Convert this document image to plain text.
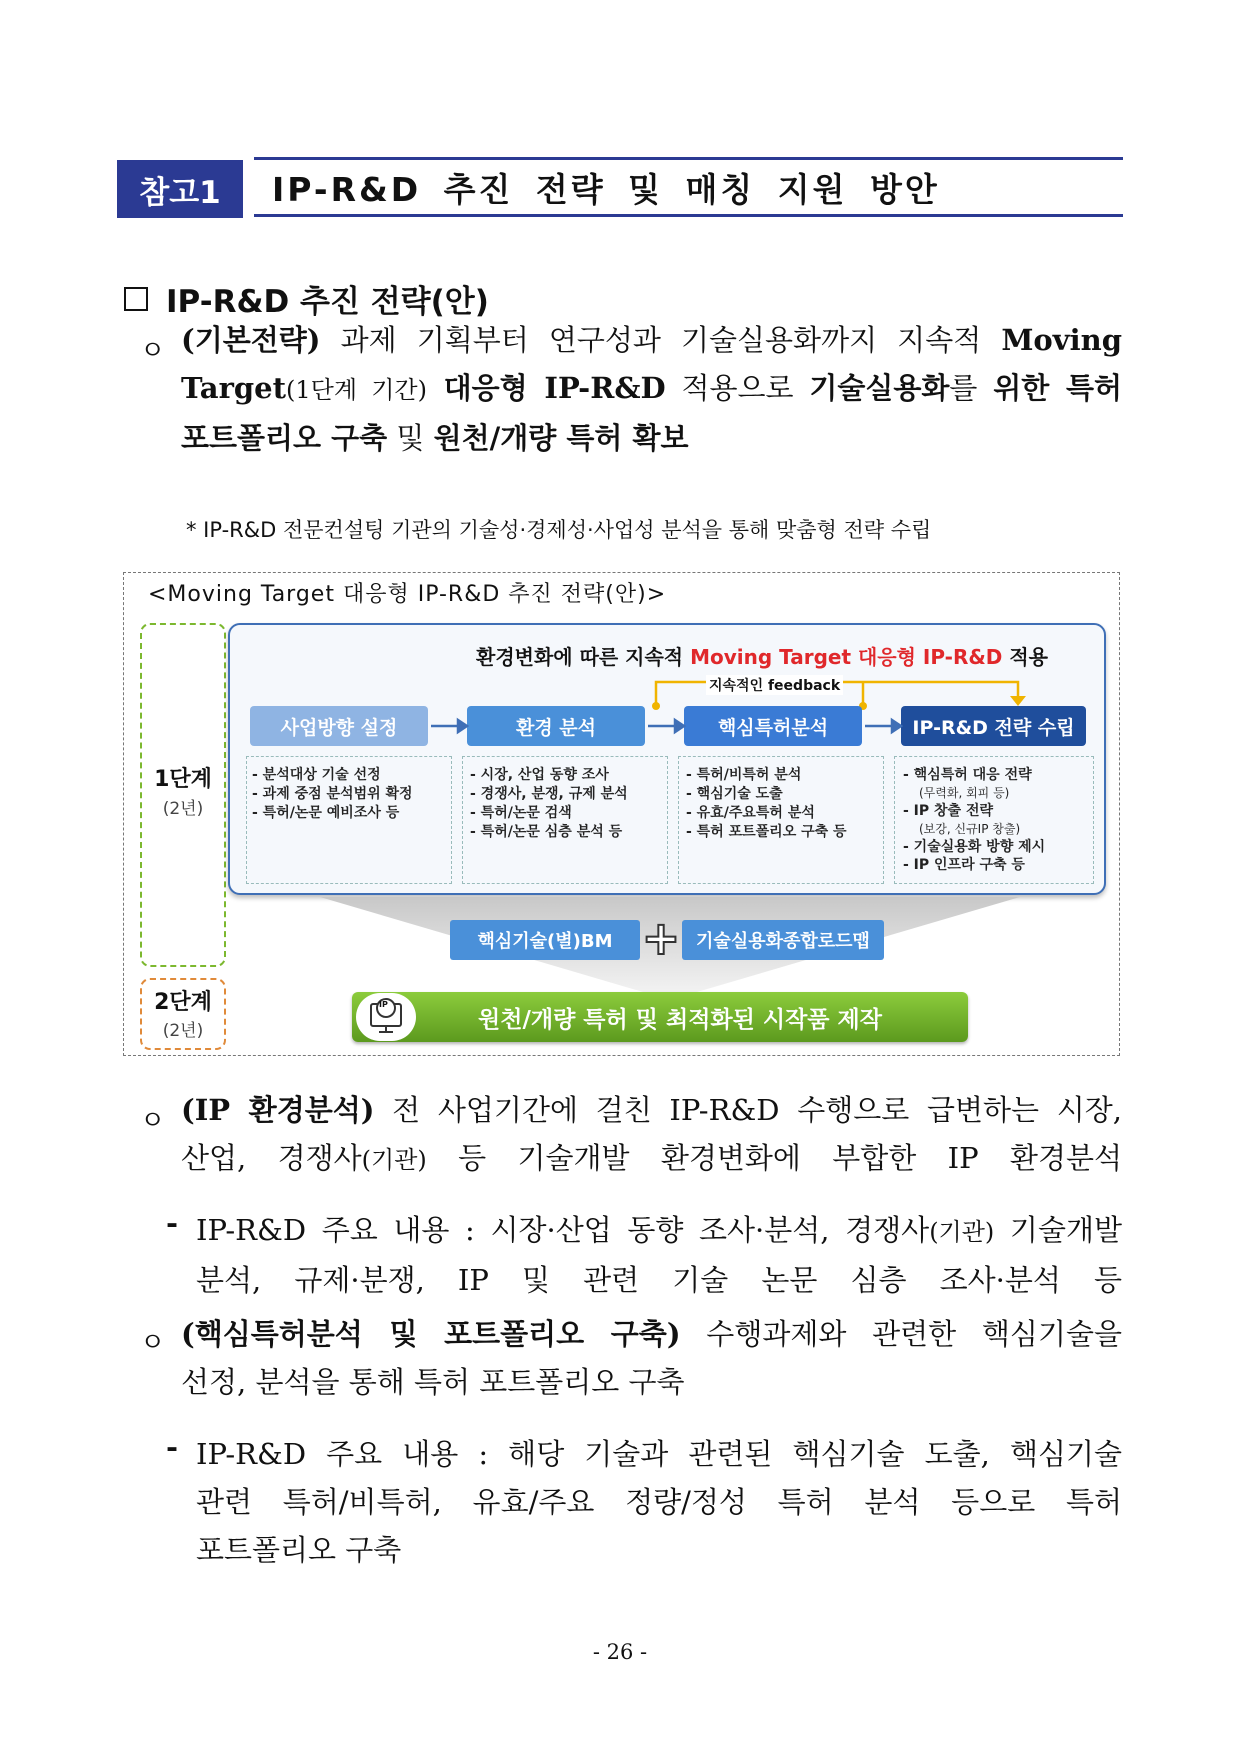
참고1	IP-R&D 추진 전략 및 매칭 지원 방안
IP-R&D 추진 전략(안)
ㅇ (기본전략) 과제 기획부터 연구성과 기술실용화까지 지속적 Moving
Target(1단계 기간) 대응형 IP-R&D 적용으로 기술실용화를 위한 특허
포트폴리오 구축 및 원천/개량 특허 확보
* IP-R&D 전문컨설팅 기관의 기술성·경제성·사업성 분석을 통해 맞춤형 전략 수립
<Moving Target 대응형 IP-R&D 추진 전략(안)>
1단계
(2년)
2단계
(2년)
환경변화에 따른 지속적 Moving Target 대응형 IP-R&D 적용
지속적인 feedback
사업방향 설정	환경 분석	핵심특허분석	IP-R&D 전략 수립
- 분석대상 기술 선정
- 과제 중점 분석범위 확정
- 특허/논문 예비조사 등
- 시장, 산업 동향 조사
- 경쟁사, 분쟁, 규제 분석
- 특허/논문 검색
- 특허/논문 심층 분석 등
- 특허/비특허 분석
- 핵심기술 도출
- 유효/주요특허 분석
- 특허 포트폴리오 구축 등
- 핵심특허 대응 전략
(무력화, 회피 등)
- IP 창출 전략
(보강, 신규IP 창출)
- 기술실용화 방향 제시
- IP 인프라 구축 등
핵심기술(별)BM + 기술실용화종합로드맵
원천/개량 특허 및 최적화된 시작품 제작
IP
ㅇ (IP 환경분석) 전 사업기간에 걸친 IP-R&D 수행으로 급변하는 시장,
산업, 경쟁사(기관) 등 기술개발 환경변화에 부합한 IP 환경분석
- IP-R&D 주요 내용 : 시장·산업 동향 조사·분석, 경쟁사(기관) 기술개발
분석, 규제·분쟁, IP 및 관련 기술 논문 심층 조사·분석 등
ㅇ (핵심특허분석 및 포트폴리오 구축) 수행과제와 관련한 핵심기술을
선정, 분석을 통해 특허 포트폴리오 구축
- IP-R&D 주요 내용 : 해당 기술과 관련된 핵심기술 도출, 핵심기술
관련 특허/비특허, 유효/주요 정량/정성 특허 분석 등으로 특허
포트폴리오 구축
- 26 -
